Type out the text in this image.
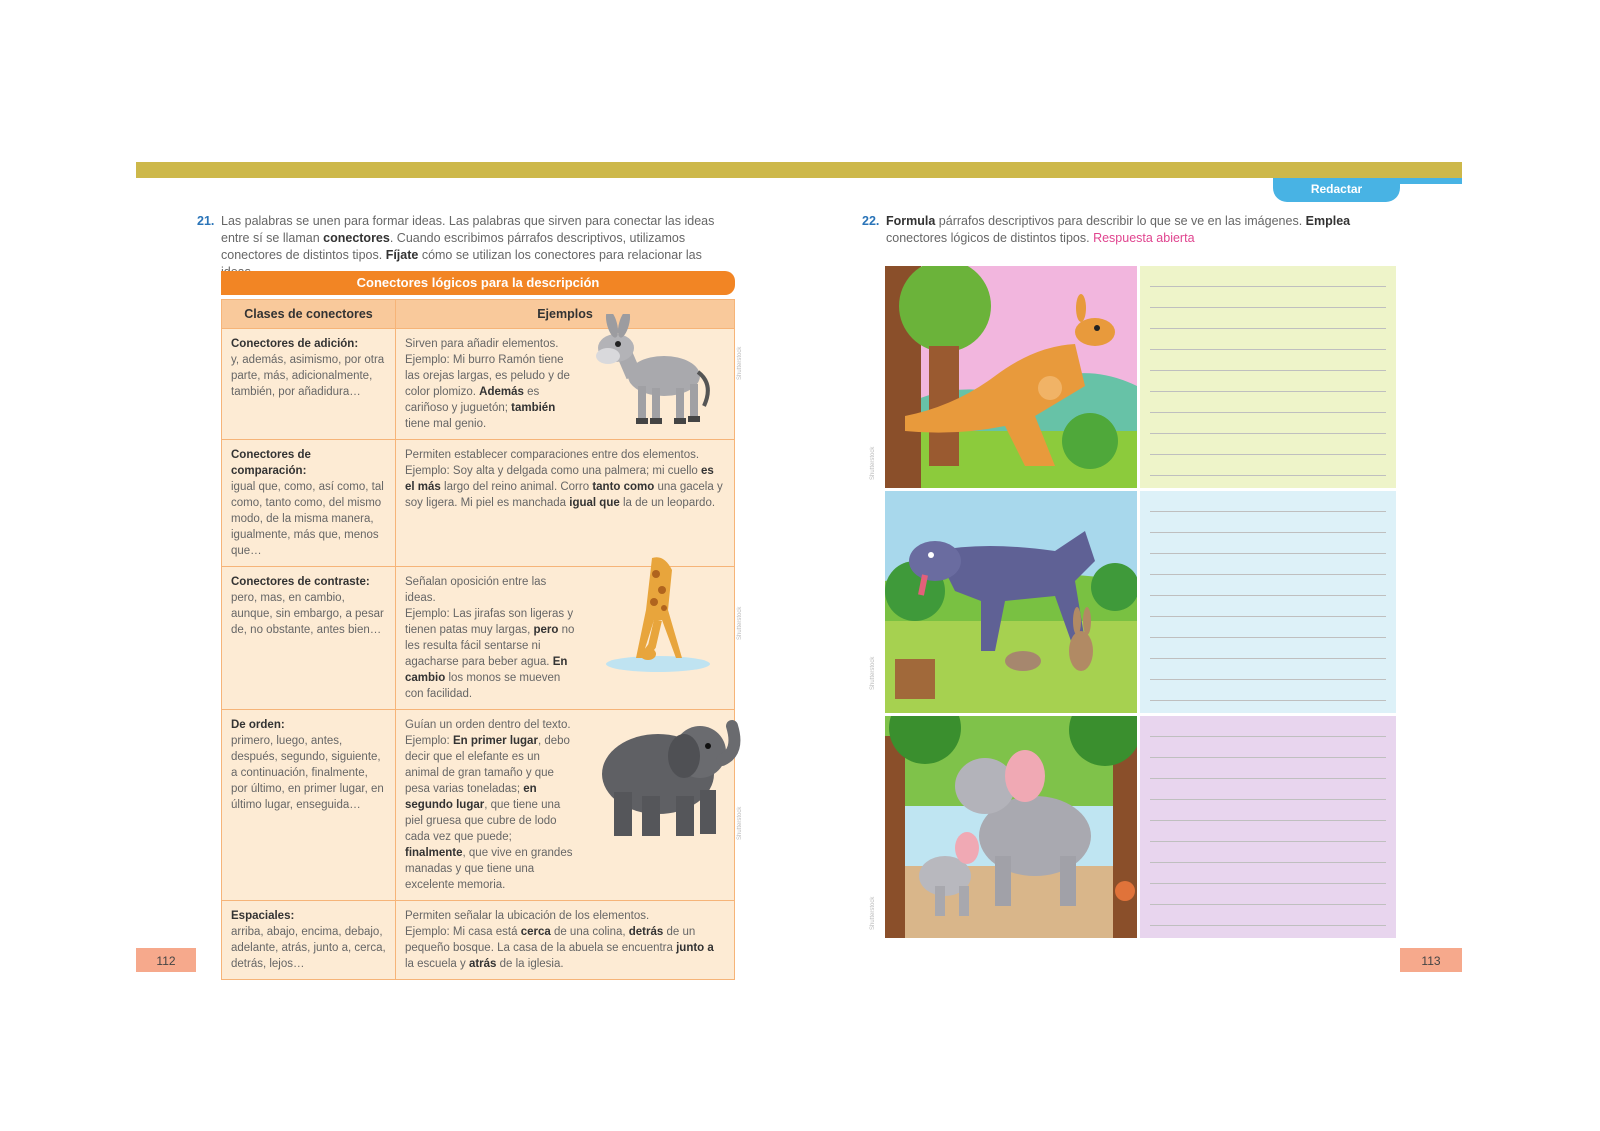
Redactar
21. Las palabras se unen para formar ideas. Las palabras que sirven para conectar las ideas entre sí se llaman conectores. Cuando escribimos párrafos descriptivos, utilizamos conectores de distintos tipos. Fíjate cómo se utilizan los conectores para relacionar las
Conectores lógicos para la descripción
Clases de conectores	Ejemplos

Conectores de adición:
y, además, asimismo, por otra parte, más, adicionalmente, también, por añadidura…	Sirven para añadir elementos.
Ejemplo: Mi burro Ramón tiene las orejas largas, es peludo y de color plomizo. Además es cariñoso y juguetón; también tiene mal genio.

Conectores de comparación:
igual que, como, así como, tal como, tanto como, del mismo modo, de la misma manera, igualmente, más que, menos que…	Permiten establecer comparaciones entre dos elementos.
Ejemplo: Soy alta y delgada como una palmera; mi cuello es el más largo del reino animal. Corro tanto como una gacela y soy ligera. Mi piel es manchada igual que la de un leopardo.

Conectores de contraste:
pero, mas, en cambio, aunque, sin embargo, a pesar de, no obstante, antes bien…	Señalan oposición entre las ideas.
Ejemplo: Las jirafas son ligeras y tienen patas muy largas, pero no les resulta fácil sentarse ni agacharse para beber agua. En cambio los monos se mueven con facilidad.

De orden:
primero, luego, antes, después, segundo, siguiente, a continuación, finalmente, por último, en primer lugar, en último lugar, enseguida…	Guían un orden dentro del texto.
Ejemplo: En primer lugar, debo decir que el elefante es un animal de gran tamaño y que pesa varias toneladas; en segundo lugar, que tiene una piel gruesa que cubre de lodo cada vez que puede; finalmente, que vive en grandes manadas y que tiene una excelente memoria.

Espaciales:
arriba, abajo, encima, debajo, adelante, atrás, junto a, cerca, detrás, lejos…	Permiten señalar la ubicación de los elementos.
Ejemplo: Mi casa está cerca de una colina, detrás de un pequeño bosque. La casa de la abuela se encuentra junto a la escuela y atrás de la iglesia.
Shutterstock
Shutterstock
Shutterstock
112
22. Formula párrafos descriptivos para describir lo que se ve en las imágenes. Emplea conectores lógicos de distintos tipos. Respuesta abierta
Shutterstock
Shutterstock
Shutterstock
113
